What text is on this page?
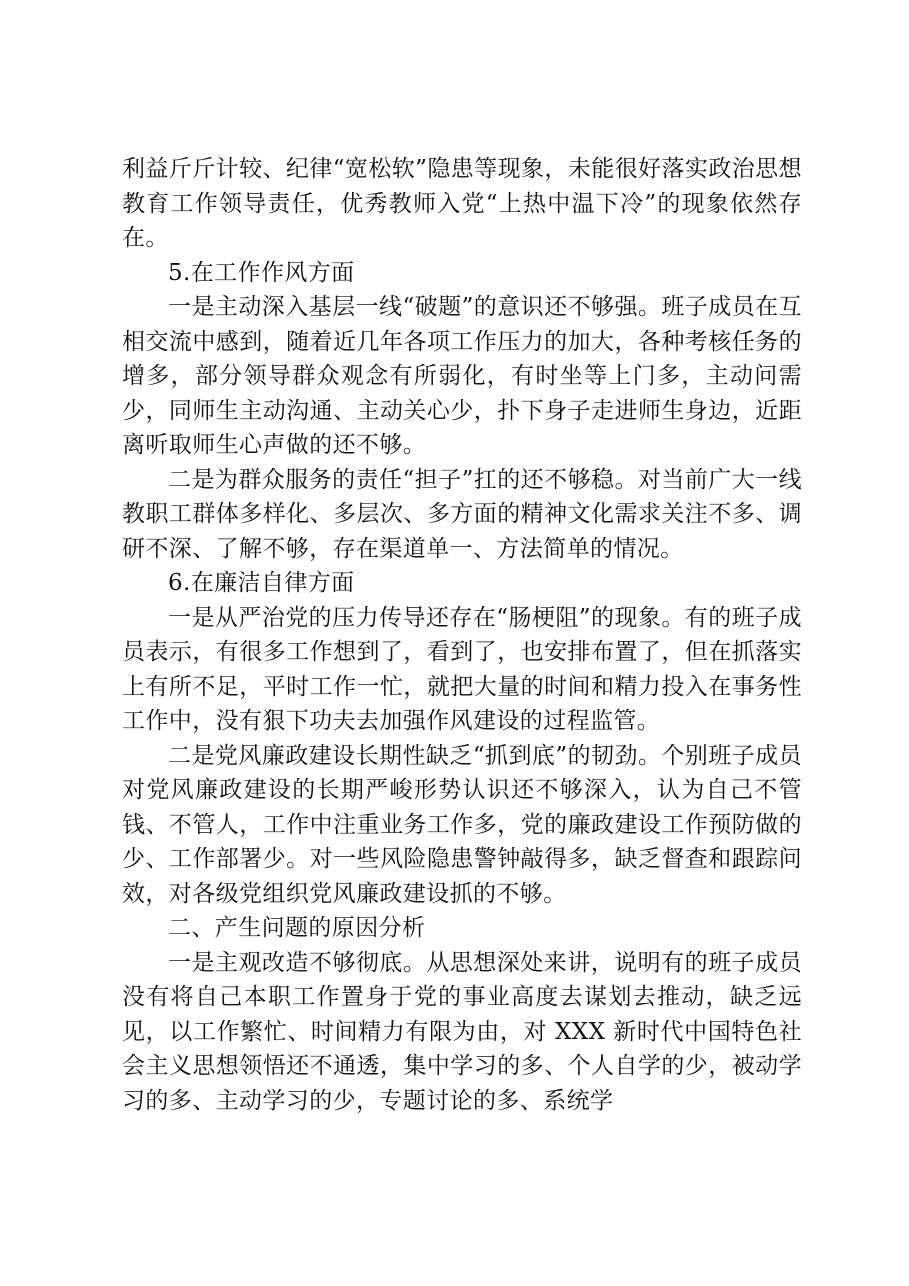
利益斤斤计较、纪律“宽松软”隐患等现象，未能很好落实政治思想教育工作领导责任，优秀教师入党“上热中温下冷”的现象依然存在。

5.在工作作风方面

一是主动深入基层一线“破题”的意识还不够强。班子成员在互相交流中感到，随着近几年各项工作压力的加大，各种考核任务的增多，部分领导群众观念有所弱化，有时坐等上门多，主动问需少，同师生主动沟通、主动关心少，扑下身子走进师生身边，近距离听取师生心声做的还不够。

二是为群众服务的责任“担子”扛的还不够稳。对当前广大一线教职工群体多样化、多层次、多方面的精神文化需求关注不多、调研不深、了解不够，存在渠道单一、方法简单的情况。

6.在廉洁自律方面

一是从严治党的压力传导还存在“肠梗阻”的现象。有的班子成员表示，有很多工作想到了，看到了，也安排布置了，但在抓落实上有所不足，平时工作一忙，就把大量的时间和精力投入在事务性工作中，没有狠下功夫去加强作风建设的过程监管。

二是党风廉政建设长期性缺乏“抓到底”的韧劲。个别班子成员对党风廉政建设的长期严峻形势认识还不够深入，认为自己不管钱、不管人，工作中注重业务工作多，党的廉政建设工作预防做的少、工作部署少。对一些风险隐患警钟敲得多，缺乏督查和跟踪问效，对各级党组织党风廉政建设抓的不够。

二、产生问题的原因分析

一是主观改造不够彻底。从思想深处来讲，说明有的班子成员没有将自己本职工作置身于党的事业高度去谋划去推动，缺乏远见，以工作繁忙、时间精力有限为由，对 XXX 新时代中国特色社会主义思想领悟还不通透，集中学习的多、个人自学的少，被动学习的多、主动学习的少，专题讨论的多、系统学
